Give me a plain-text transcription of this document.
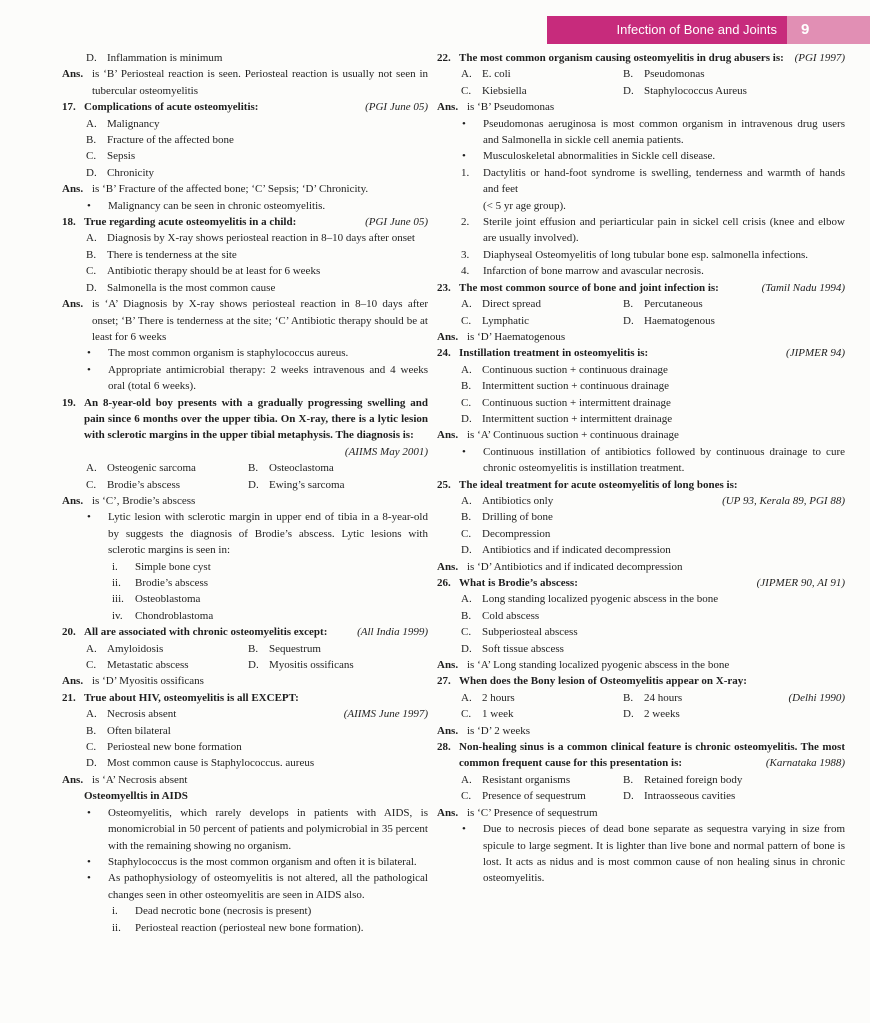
Infection of Bone and Joints	9
D. Inflammation is minimum
Ans. is ‘B’ Periosteal reaction is seen. Periosteal reaction is usually not seen in tubercular osteomyelitis
17. Complications of acute osteomyelitis:	(PGI June 05)
A. Malignancy
B. Fracture of the affected bone
C. Sepsis
D. Chronicity
Ans. is ‘B’ Fracture of the affected bone; ‘C’ Sepsis; ‘D’ Chronicity.
•
Malignancy can be seen in chronic osteomyelitis.
18. True regarding acute osteomyelitis in a child:	(PGI June 05)
A. Diagnosis by X-ray shows periosteal reaction in 8–10 days after onset
B. There is tenderness at the site
C. Antibiotic therapy should be at least for 6 weeks
D. Salmonella is the most common cause
Ans. is ‘A’ Diagnosis by X-ray shows periosteal reaction in 8–10 days after onset; ‘B’ There is tenderness at the site; ‘C’ Antibiotic therapy should be at least for 6 weeks
•
The most common organism is staphylococcus aureus.
•
Appropriate antimicrobial therapy: 2 weeks intravenous and 4 weeks oral (total 6 weeks).
19. An 8-year-old boy presents with a gradually progressing swelling and pain since 6 months over the upper tibia. On X-ray, there is a lytic lesion with sclerotic margins in the upper tibial metaphysis. The diagnosis is:
(AIIMS May 2001)
A. Osteogenic sarcoma	B. Osteoclastoma
C. Brodie’s abscess	D. Ewing’s sarcoma
Ans. is ‘C’, Brodie’s abscess
•
Lytic lesion with sclerotic margin in upper end of tibia in a 8-year-old by suggests the diagnosis of Brodie’s abscess. Lytic lesions with sclerotic margins is seen in:
i. Simple bone cyst
ii. Brodie’s abscess
iii. Osteoblastoma
iv. Chondroblastoma
20. All are associated with chronic osteomyelitis except:	(All India 1999)
A. Amyloidosis	B. Sequestrum
C. Metastatic abscess	D. Myositis ossificans
Ans. is ‘D’ Myositis ossificans
21. True about HIV, osteomyelitis is all EXCEPT:
A. Necrosis absent	(AIIMS June 1997)
B. Often bilateral
C. Periosteal new bone formation
D. Most common cause is Staphylococcus. aureus
Ans. is ‘A’ Necrosis absent
Osteomyelltis in AIDS
•
Osteomyelitis, which rarely develops in patients with AIDS, is monomicrobial in 50 percent of patients and polymicrobial in 35 percent with the remaining showing no organism.
•
Staphylococcus is the most common organism and often it is bilateral.
•
As pathophysiology of osteomyelitis is not altered, all the pathological changes seen in other osteomyelitis are seen in AIDS also.
i. Dead necrotic bone (necrosis is present)
ii. Periosteal reaction (periosteal new bone formation).
22. The most common organism causing osteomyelitis in drug abusers is: (PGI 1997)
A. E. coli	B. Pseudomonas
C. Kiebsiella	D. Staphylococcus Aureus
Ans. is ‘B’ Pseudomonas
•
Pseudomonas aeruginosa is most common organism in intravenous drug users and Salmonella in sickle cell anemia patients.
•
Musculoskeletal abnormalities in Sickle cell disease.
1. Dactylitis or hand-foot syndrome is swelling, tenderness and warmth of hands and feet
(< 5 yr age group).
2. Sterile joint effusion and periarticular pain in sickel cell crisis (knee and elbow are usually involved).
3. Diaphyseal Osteomyelitis of long tubular bone esp. salmonella infections.
4. Infarction of bone marrow and avascular necrosis.
23. The most common source of bone and joint infection is:	(Tamil Nadu 1994)
A. Direct spread	B. Percutaneous
C. Lymphatic	D. Haematogenous
Ans. is ‘D’ Haematogenous
24. Instillation treatment in osteomyelitis is:	(JIPMER 94)
A. Continuous suction + continuous drainage
B. Intermittent suction + continuous drainage
C. Continuous suction + intermittent drainage
D. Intermittent suction + intermittent drainage
Ans. is ‘A’ Continuous suction + continuous drainage
•
Continuous instillation of antibiotics followed by continuous drainage to cure chronic osteomyelitis is instillation treatment.
25. The ideal treatment for acute osteomyelitis of long bones is:
A. Antibiotics only	(UP 93, Kerala 89, PGI 88)
B. Drilling of bone
C. Decompression
D. Antibiotics and if indicated decompression
Ans. is ‘D’ Antibiotics and if indicated decompression
26. What is Brodie’s abscess:	(JIPMER 90, AI 91)
A. Long standing localized pyogenic abscess in the bone
B. Cold abscess
C. Subperiosteal abscess
D. Soft tissue abscess
Ans. is ‘A’ Long standing localized pyogenic abscess in the bone
27. When does the Bony lesion of Osteomyelitis appear on X-ray:
A. 2 hours	B. 24 hours	(Delhi 1990)
C. 1 week	D. 2 weeks
Ans. is ‘D’ 2 weeks
28. Non-healing sinus is a common clinical feature is chronic osteomyelitis. The most common frequent cause for this presentation is:	(Karnataka 1988)
A. Resistant organisms	B. Retained foreign body
C. Presence of sequestrum	D. Intraosseous cavities
Ans. is ‘C’ Presence of sequestrum
•
Due to necrosis pieces of dead bone separate as sequestra varying in size from spicule to large segment. It is lighter than live bone and normal pattern of bone is lost. It acts as nidus and is most common cause of non healing sinus in chronic osteomyelitis.
